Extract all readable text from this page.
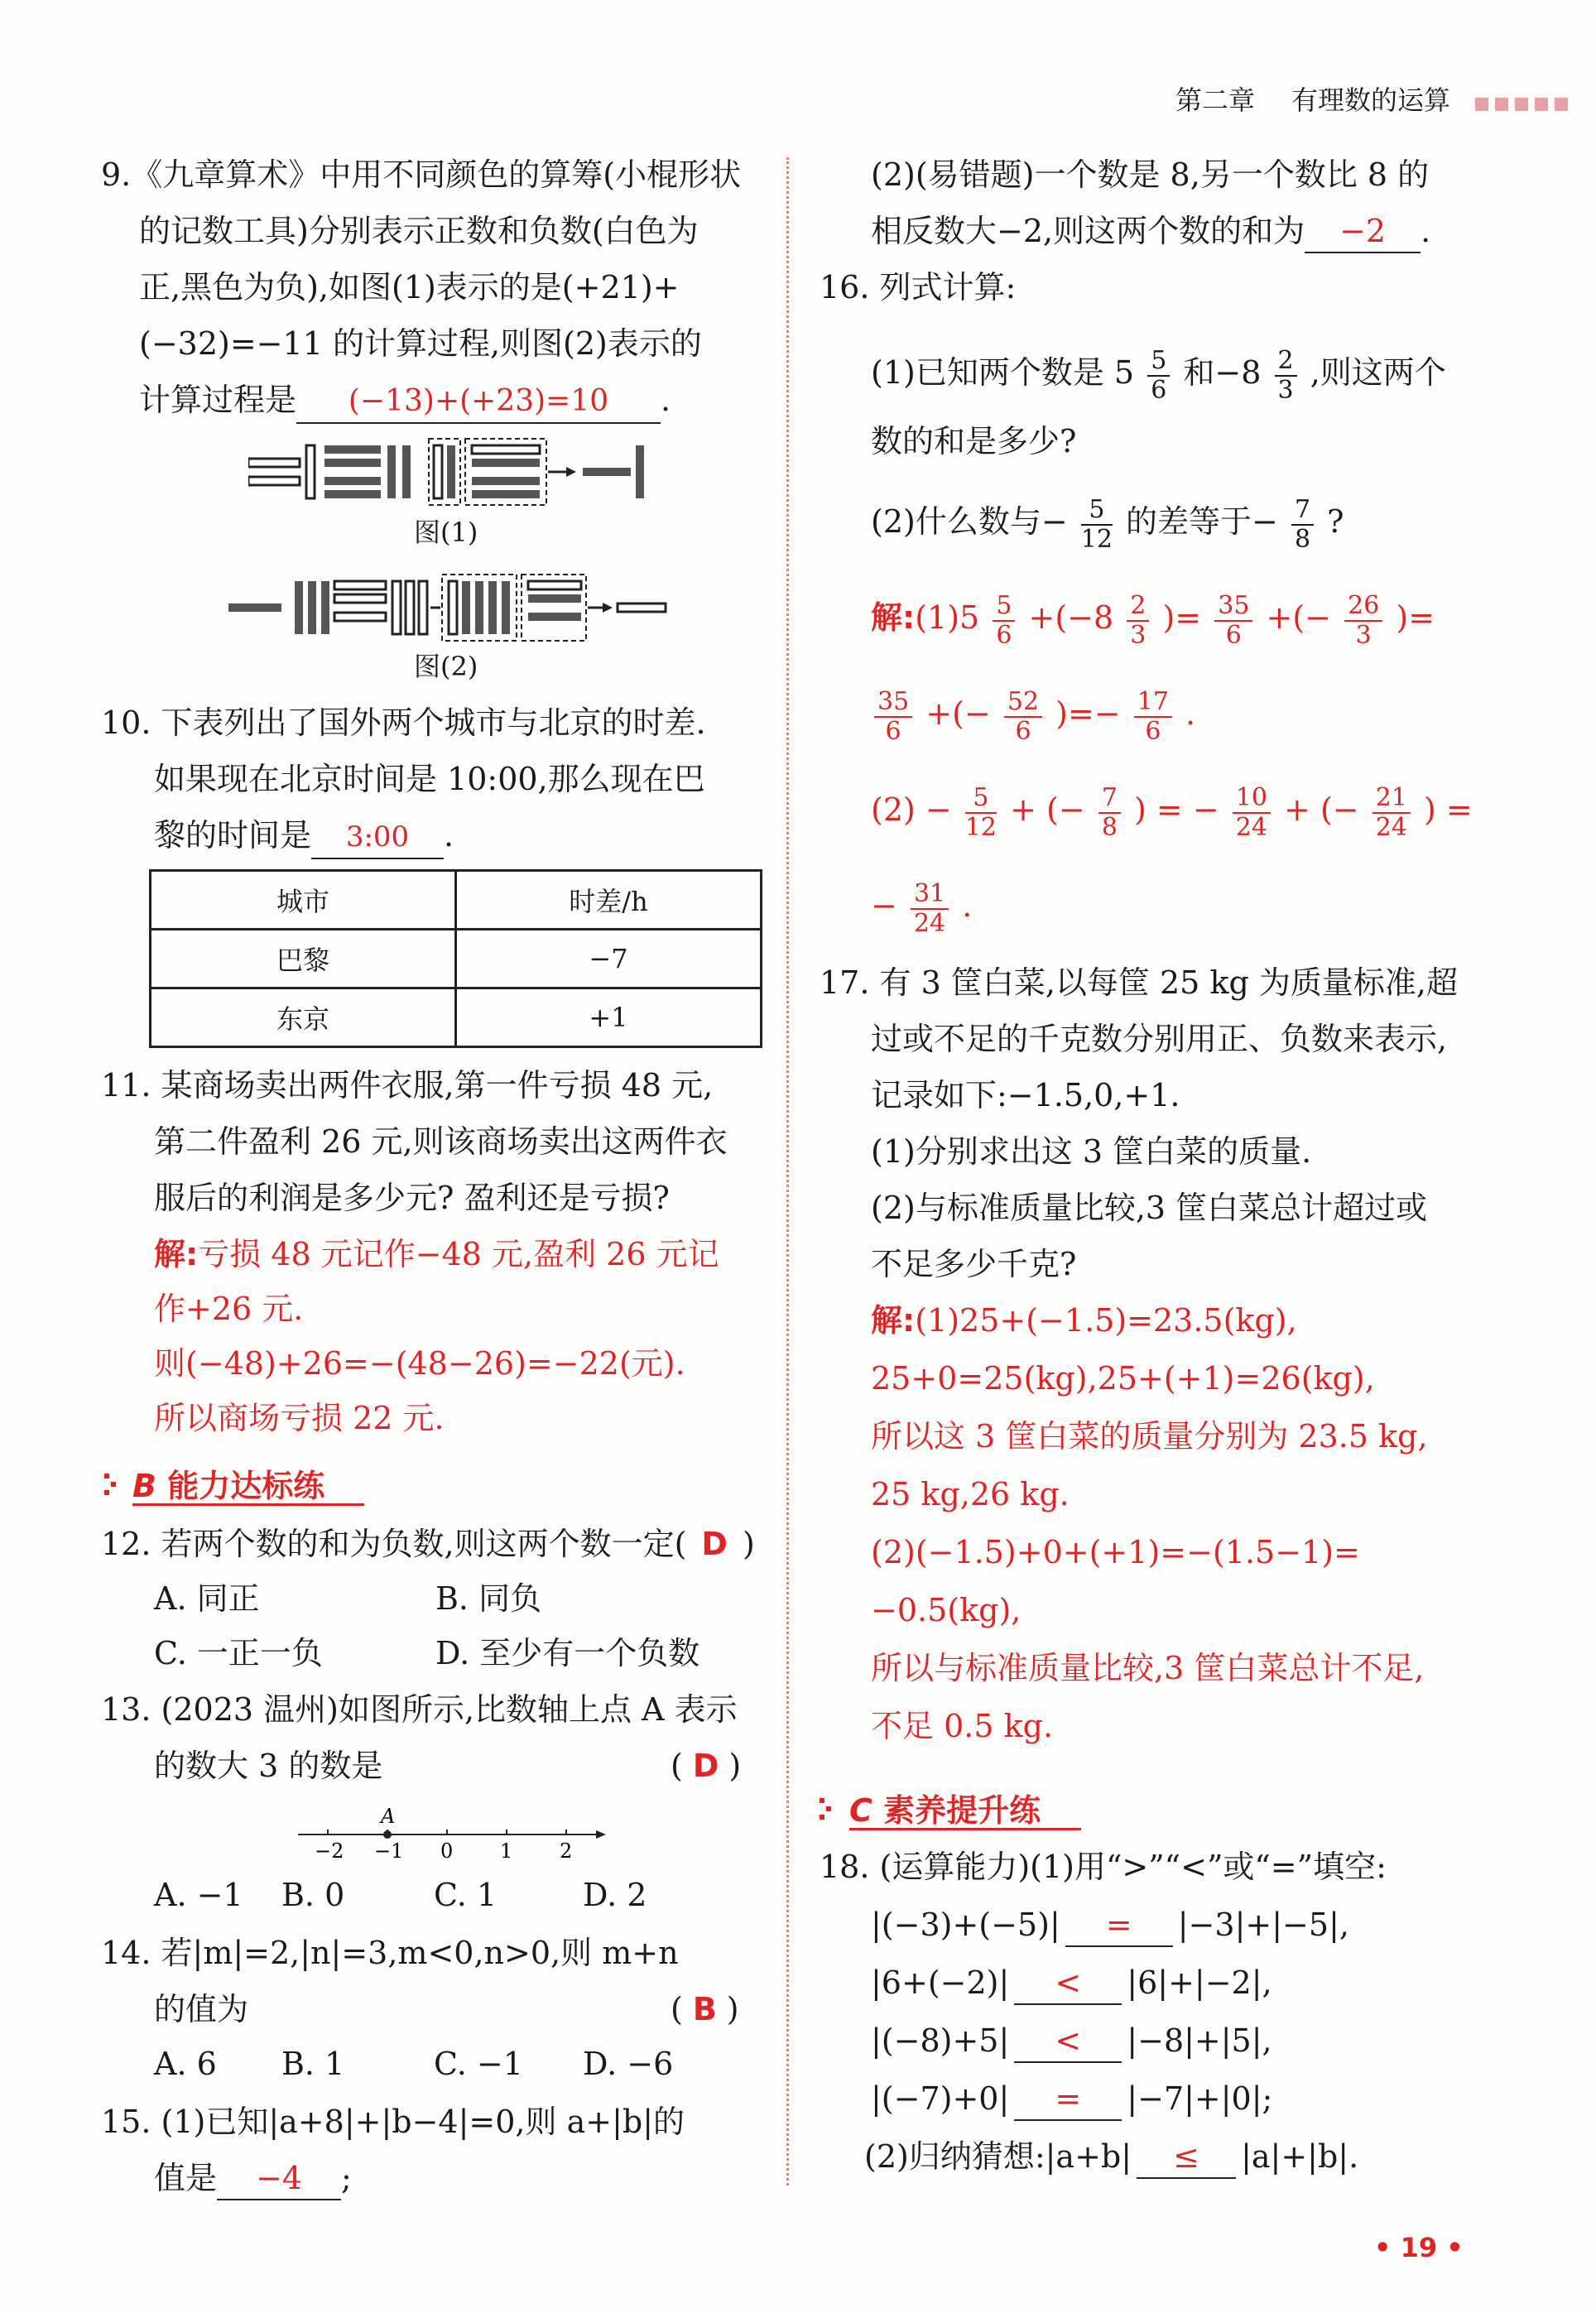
第二章 有理数的运算
9.《九章算术》中用不同颜色的算筹(小棍形状
的记数工具)分别表示正数和负数(白色为
正,黑色为负),如图(1)表示的是(+21)+
(−32)=−11 的计算过程,则图(2)表示的
计算过程是 (−13)+(+23)=10 .
图(1)
图(2)
10. 下表列出了国外两个城市与北京的时差.
如果现在北京时间是 10:00,那么现在巴
黎的时间是 3:00 .
城市	时差/h
巴黎	−7
东京	+1
11. 某商场卖出两件衣服,第一件亏损 48 元,
第二件盈利 26 元,则该商场卖出这两件衣
服后的利润是多少元? 盈利还是亏损?
解:亏损 48 元记作−48 元,盈利 26 元记
作+26 元.
则(−48)+26=−(48−26)=−22(元).
所以商场亏损 22 元.
B 能力达标练
12. 若两个数的和为负数,则这两个数一定( D )
A. 同正	B. 同负
C. 一正一负	D. 至少有一个负数
13. (2023 温州)如图所示,比数轴上点 A 表示
的数大 3 的数是	( D )
A
−2 −1 0 1 2
A. −1 B. 0	C. 1	D. 2
14. 若|m|=2,|n|=3,m<0,n>0,则 m+n
的值为	( B )
A. 6 B. 1	C. −1 D. −6
15. (1)已知|a+8|+|b−4|=0,则 a+|b|的
值是 −4 ;
(2)(易错题)一个数是 8,另一个数比 8 的
相反数大−2,则这两个数的和为 −2 .
16. 列式计算:
(1)已知两个数是 $5 \frac{5}{6}$ 和$-8 \frac{2}{3}$ ,则这两个
数的和是多少?
(2)什么数与− $\frac{5}{12}$ 的差等于− $\frac{7}{8}$ ?
解:(1)5 $\frac{5}{6} +(-8 \frac{2}{3}$ )= $\frac{35}{6}$ +(− $\frac{26}{3}$ )=
$\frac{35}{6}$ +(− $\frac{52}{6}$ )=− $\frac{17}{6}$ .
$(2) - \frac{5}{12}$ + (− $\frac{7}{8}$ ) = − $\frac{10}{24}$ + (− $\frac{21}{24}$ ) =
− $\frac{31}{24}$ .
17. 有 3 筐白菜,以每筐 25 kg 为质量标准,超
过或不足的千克数分别用正、负数来表示,
记录如下:−1.5,0,+1.
(1)分别求出这 3 筐白菜的质量.
(2)与标准质量比较,3 筐白菜总计超过或
不足多少千克?
解:(1)25+(−1.5)=23.5(kg),
25+0=25(kg),25+(+1)=26(kg),
所以这 3 筐白菜的质量分别为 23.5 kg,
25 kg,26 kg.
(2)(−1.5)+0+(+1)=−(1.5−1)=
−0.5(kg),
所以与标准质量比较,3 筐白菜总计不足,
不足 0.5 kg.
C 素养提升练
18. (运算能力)(1)用“>”“<”或“=”填空:
|(−3)+(−5)| = |−3|+|−5|,
|6+(−2)| < |6|+|−2|,
|(−8)+5| < |−8|+|5|,
|(−7)+0| = |−7|+|0|;
(2)归纳猜想:|a+b| ≤ |a|+|b|.
• 19 •
